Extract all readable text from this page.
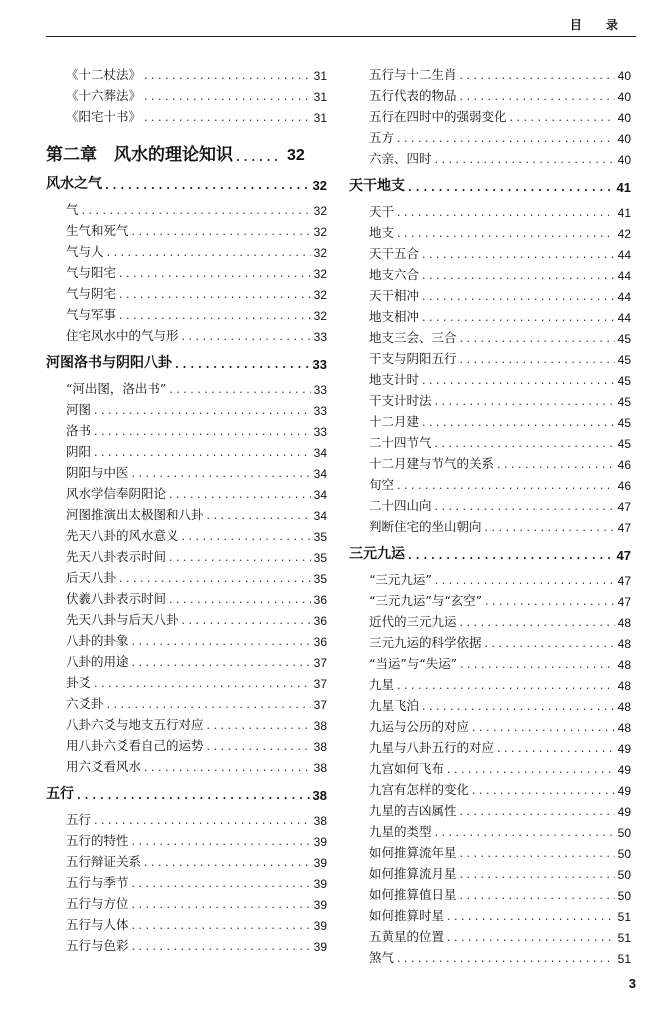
目 录
《十二杖法》 . . .	31
《十六葬法》 . . .	31
《阳宅十书》 . . .	31
第二章　风水的理论知识 . . .	32
风水之气 . . .	32
气 . . .	32
生气和死气 . . .	32
气与人 . . .	32
气与阳宅 . . .	32
气与阴宅 . . .	32
气与军事 . . .	32
住宅风水中的气与形 . . .	33
河图洛书与阴阳八卦 . . .	33
“河出图，洛出书” . . .	33
河图 . . .	33
洛书 . . .	33
阴阳 . . .	34
阴阳与中医 . . .	34
风水学信奉阴阳论 . . .	34
河图推演出太极图和八卦 . . .	34
先天八卦的风水意义 . . .	35
先天八卦表示时间 . . .	35
后天八卦 . . .	35
伏羲八卦表示时间 . . .	36
先天八卦与后天八卦 . . .	36
八卦的卦象 . . .	36
八卦的用途 . . .	37
卦爻 . . .	37
六爻卦 . . .	37
八卦六爻与地支五行对应 . . .	38
用八卦六爻看自己的运势 . . .	38
用六爻看风水 . . .	38
五行 . . .	38
五行 . . .	38
五行的特性 . . .	39
五行辩证关系 . . .	39
五行与季节 . . .	39
五行与方位 . . .	39
五行与人体 . . .	39
五行与色彩 . . .	39
五行与十二生肖 . . .	40
五行代表的物品 . . .	40
五行在四时中的强弱变化 . . .	40
五方 . . .	40
六亲、四时 . . .	40
天干地支 . . .	41
天干 . . .	41
地支 . . .	42
天干五合 . . .	44
地支六合 . . .	44
天干相冲 . . .	44
地支相冲 . . .	44
地支三会、三合 . . .	45
干支与阴阳五行 . . .	45
地支计时 . . .	45
干支计时法 . . .	45
十二月建 . . .	45
二十四节气 . . .	45
十二月建与节气的关系 . . .	46
旬空 . . .	46
二十四山向 . . .	47
判断住宅的坐山朝向 . . .	47
三元九运 . . .	47
“三元九运” . . .	47
“三元九运”与“玄空” . . .	47
近代的三元九运 . . .	48
三元九运的科学依据 . . .	48
“当运”与“失运” . . .	48
九星 . . .	48
九星飞泊 . . .	48
九运与公历的对应 . . .	48
九星与八卦五行的对应 . . .	49
九宫如何飞布 . . .	49
九宫有怎样的变化 . . .	49
九星的吉凶属性 . . .	49
九星的类型 . . .	50
如何推算流年星 . . .	50
如何推算流月星 . . .	50
如何推算值日星 . . .	50
如何推算时星 . . .	51
五黄星的位置 . . .	51
煞气 . . .	51
3
